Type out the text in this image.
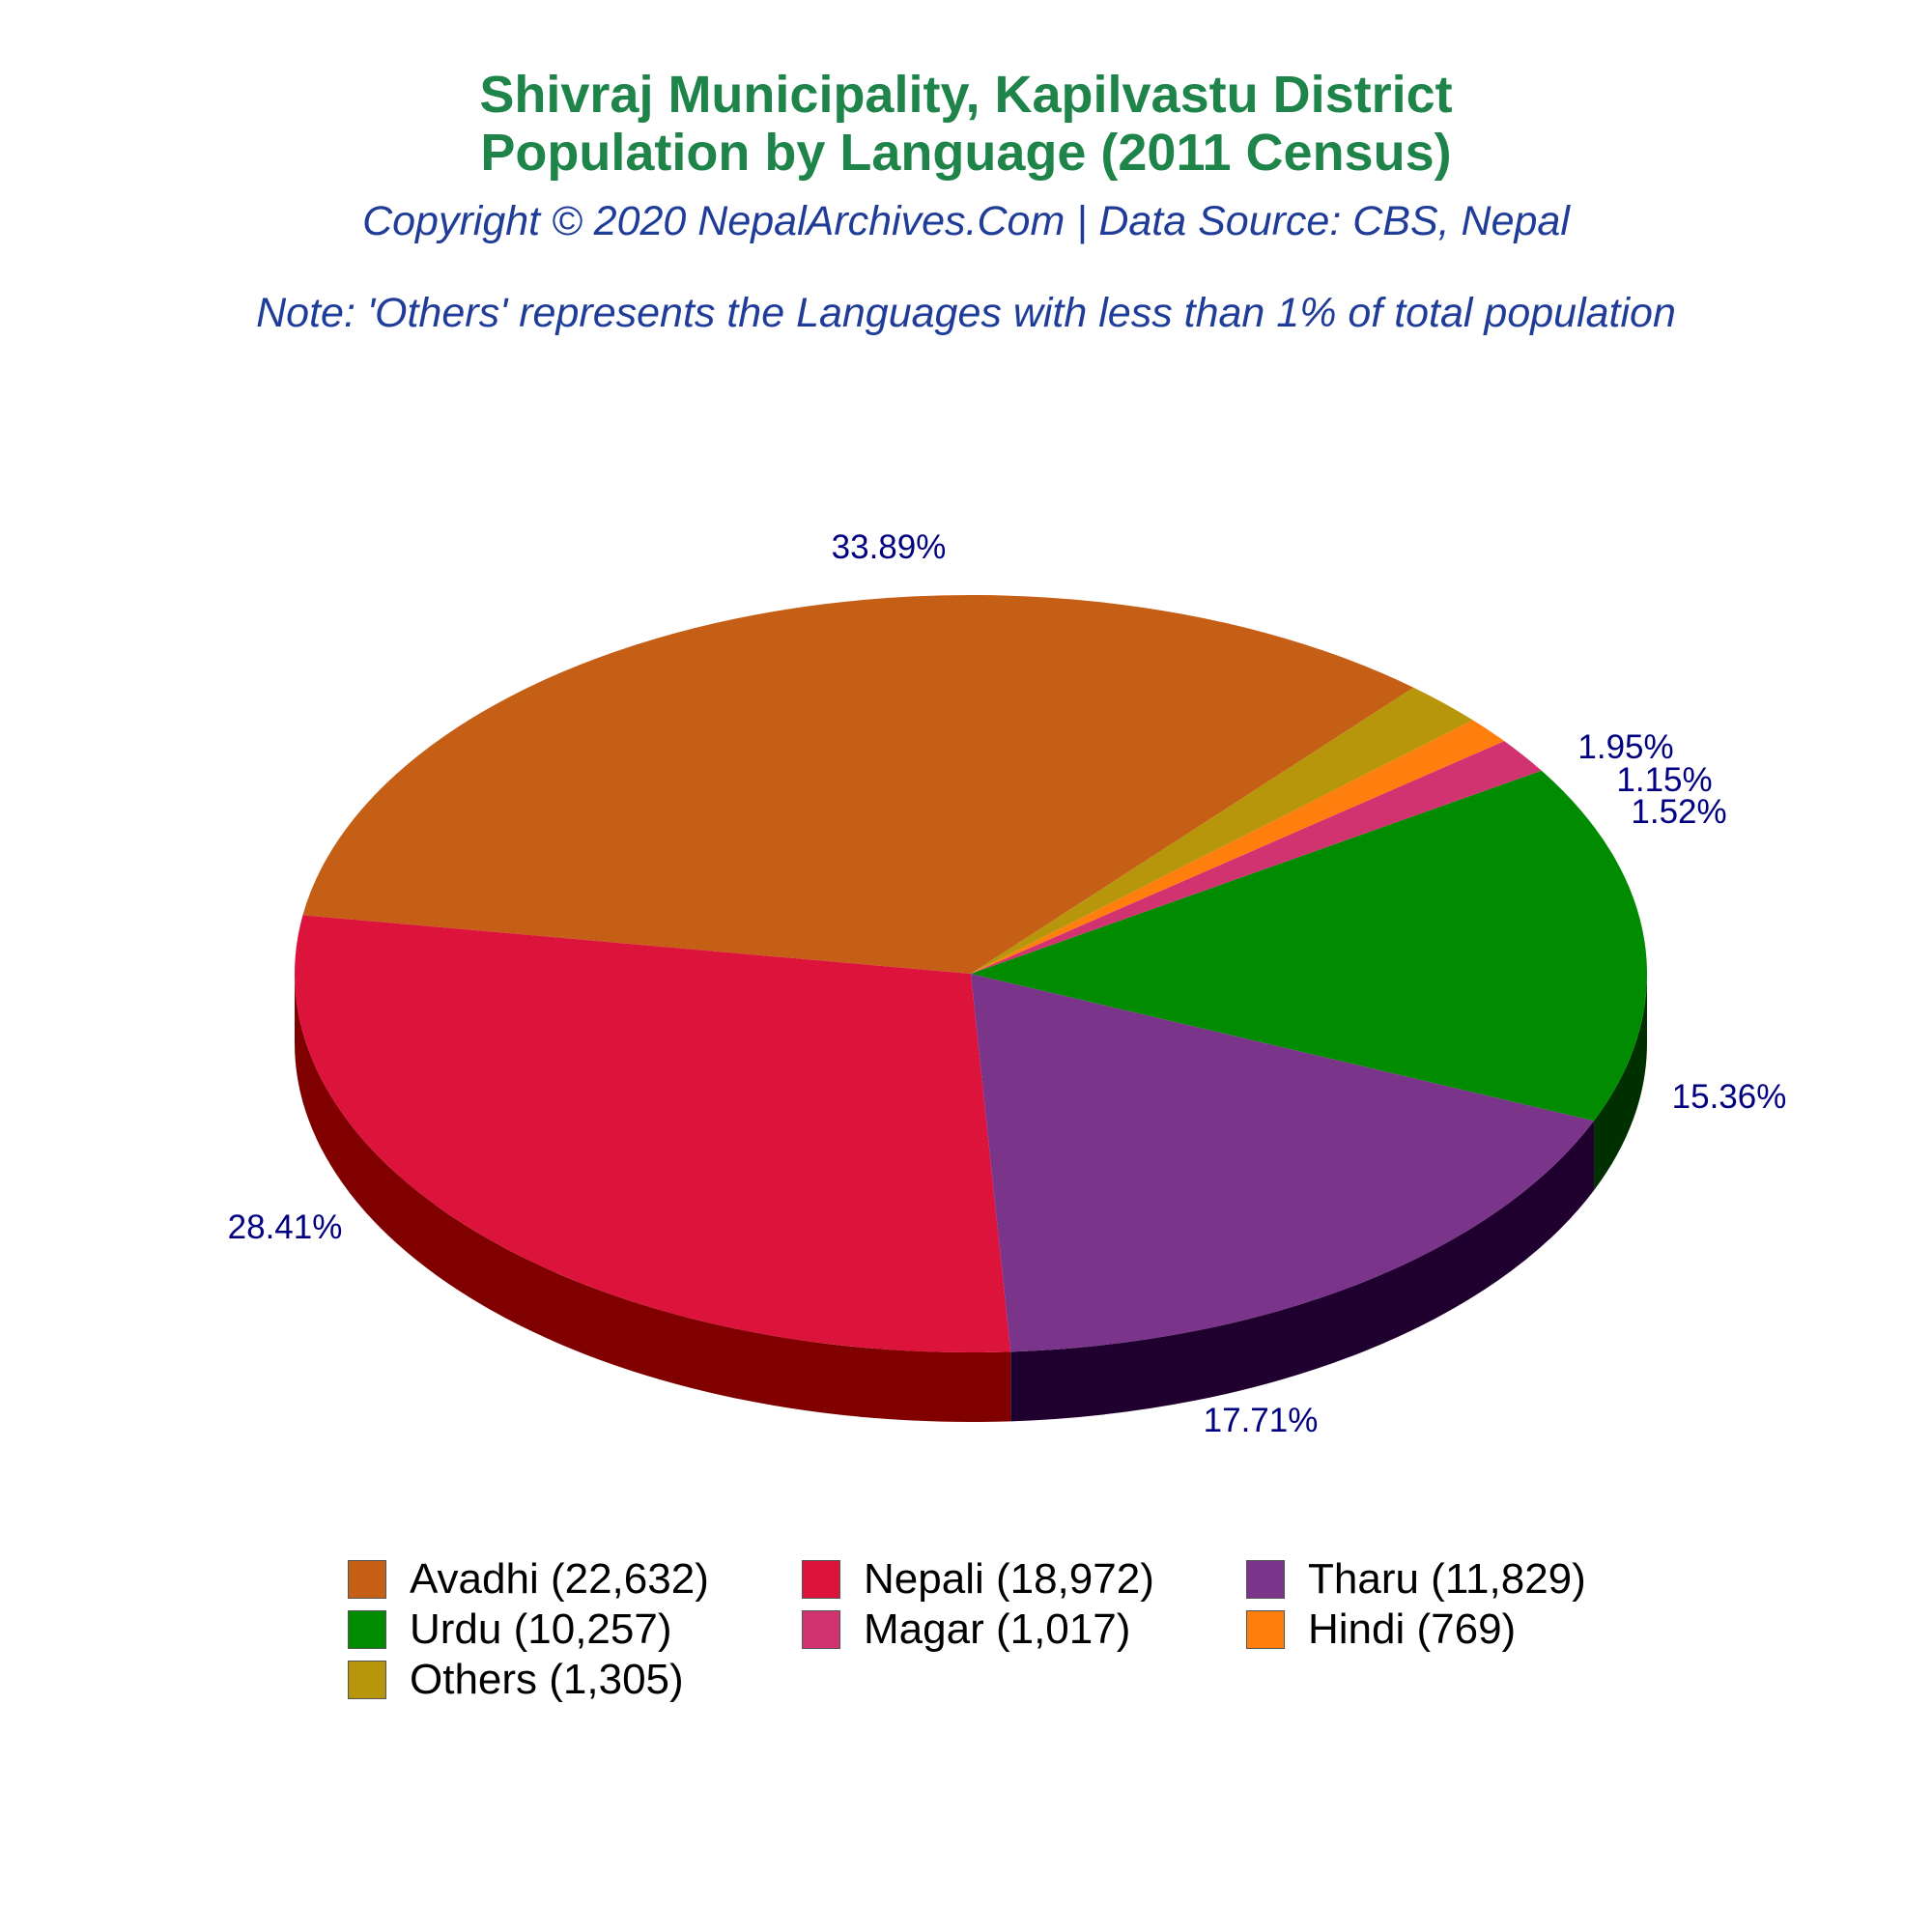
Shivraj Municipality, Kapilvastu District
Population by Language (2011 Census)
Copyright © 2020 NepalArchives.Com | Data Source: CBS, Nepal
Note: 'Others' represents the Languages with less than 1% of total population
33.89%
28.41%
17.71%
15.36%
1.52%
1.15%
1.95%
Avadhi (22,632)	Nepali (18,972)	Tharu (11,829)
Urdu (10,257)	Magar (1,017)	Hindi (769)
Others (1,305)
